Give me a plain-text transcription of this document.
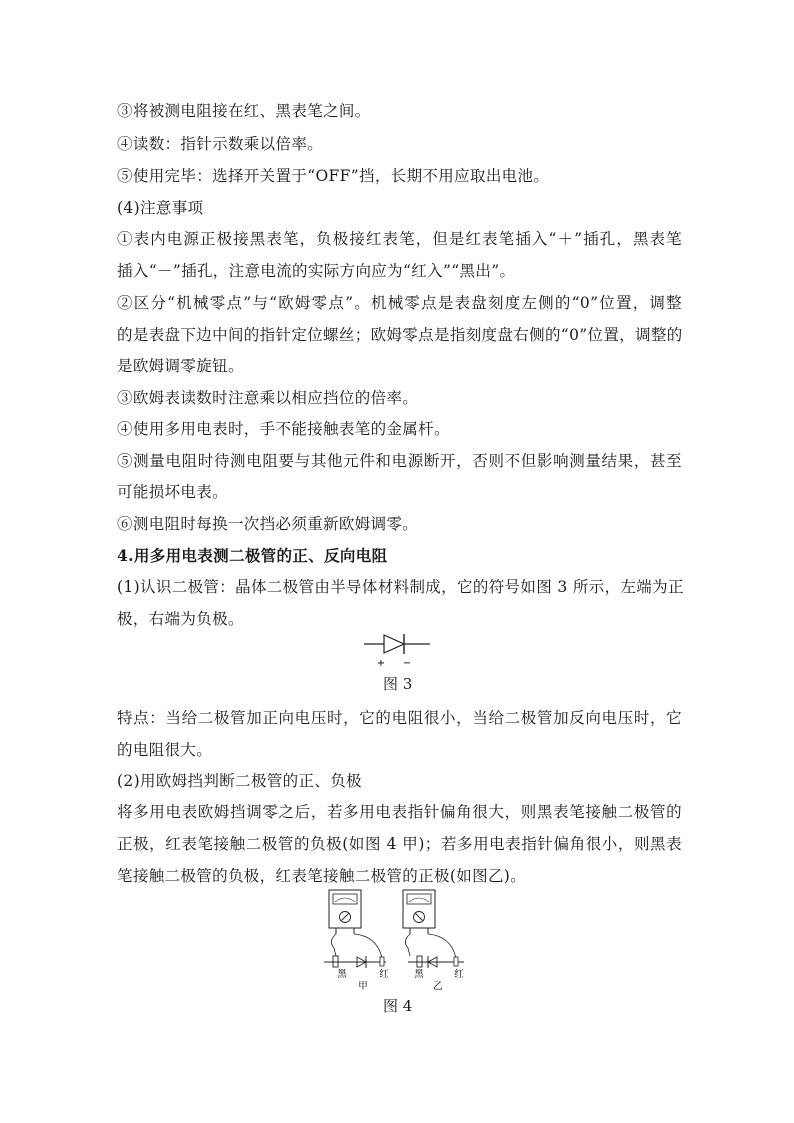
③将被测电阻接在红、黑表笔之间。
④读数：指针示数乘以倍率。
⑤使用完毕：选择开关置于“OFF”挡，长期不用应取出电池。
(4)注意事项
①表内电源正极接黑表笔，负极接红表笔，但是红表笔插入“＋”插孔，黑表笔
插入“－”插孔，注意电流的实际方向应为“红入”“黑出”。
②区分“机械零点”与“欧姆零点”。机械零点是表盘刻度左侧的“0”位置，调整
的是表盘下边中间的指针定位螺丝；欧姆零点是指刻度盘右侧的“0”位置，调整的
是欧姆调零旋钮。
③欧姆表读数时注意乘以相应挡位的倍率。
④使用多用电表时，手不能接触表笔的金属杆。
⑤测量电阻时待测电阻要与其他元件和电源断开，否则不但影响测量结果，甚至
可能损坏电表。
⑥测电阻时每换一次挡必须重新欧姆调零。
4.用多用电表测二极管的正、反向电阻
(1)认识二极管：晶体二极管由半导体材料制成，它的符号如图 3 所示，左端为正
极，右端为负极。
+ −
图 3
特点：当给二极管加正向电压时，它的电阻很小，当给二极管加反向电压时，它
的电阻很大。
(2)用欧姆挡判断二极管的正、负极
将多用电表欧姆挡调零之后，若多用电表指针偏角很大，则黑表笔接触二极管的
正极，红表笔接触二极管的负极(如图 4 甲)；若多用电表指针偏角很小，则黑表
笔接触二极管的负极，红表笔接触二极管的正极(如图乙)。
黑	红
甲
黑	红
乙
图 4
